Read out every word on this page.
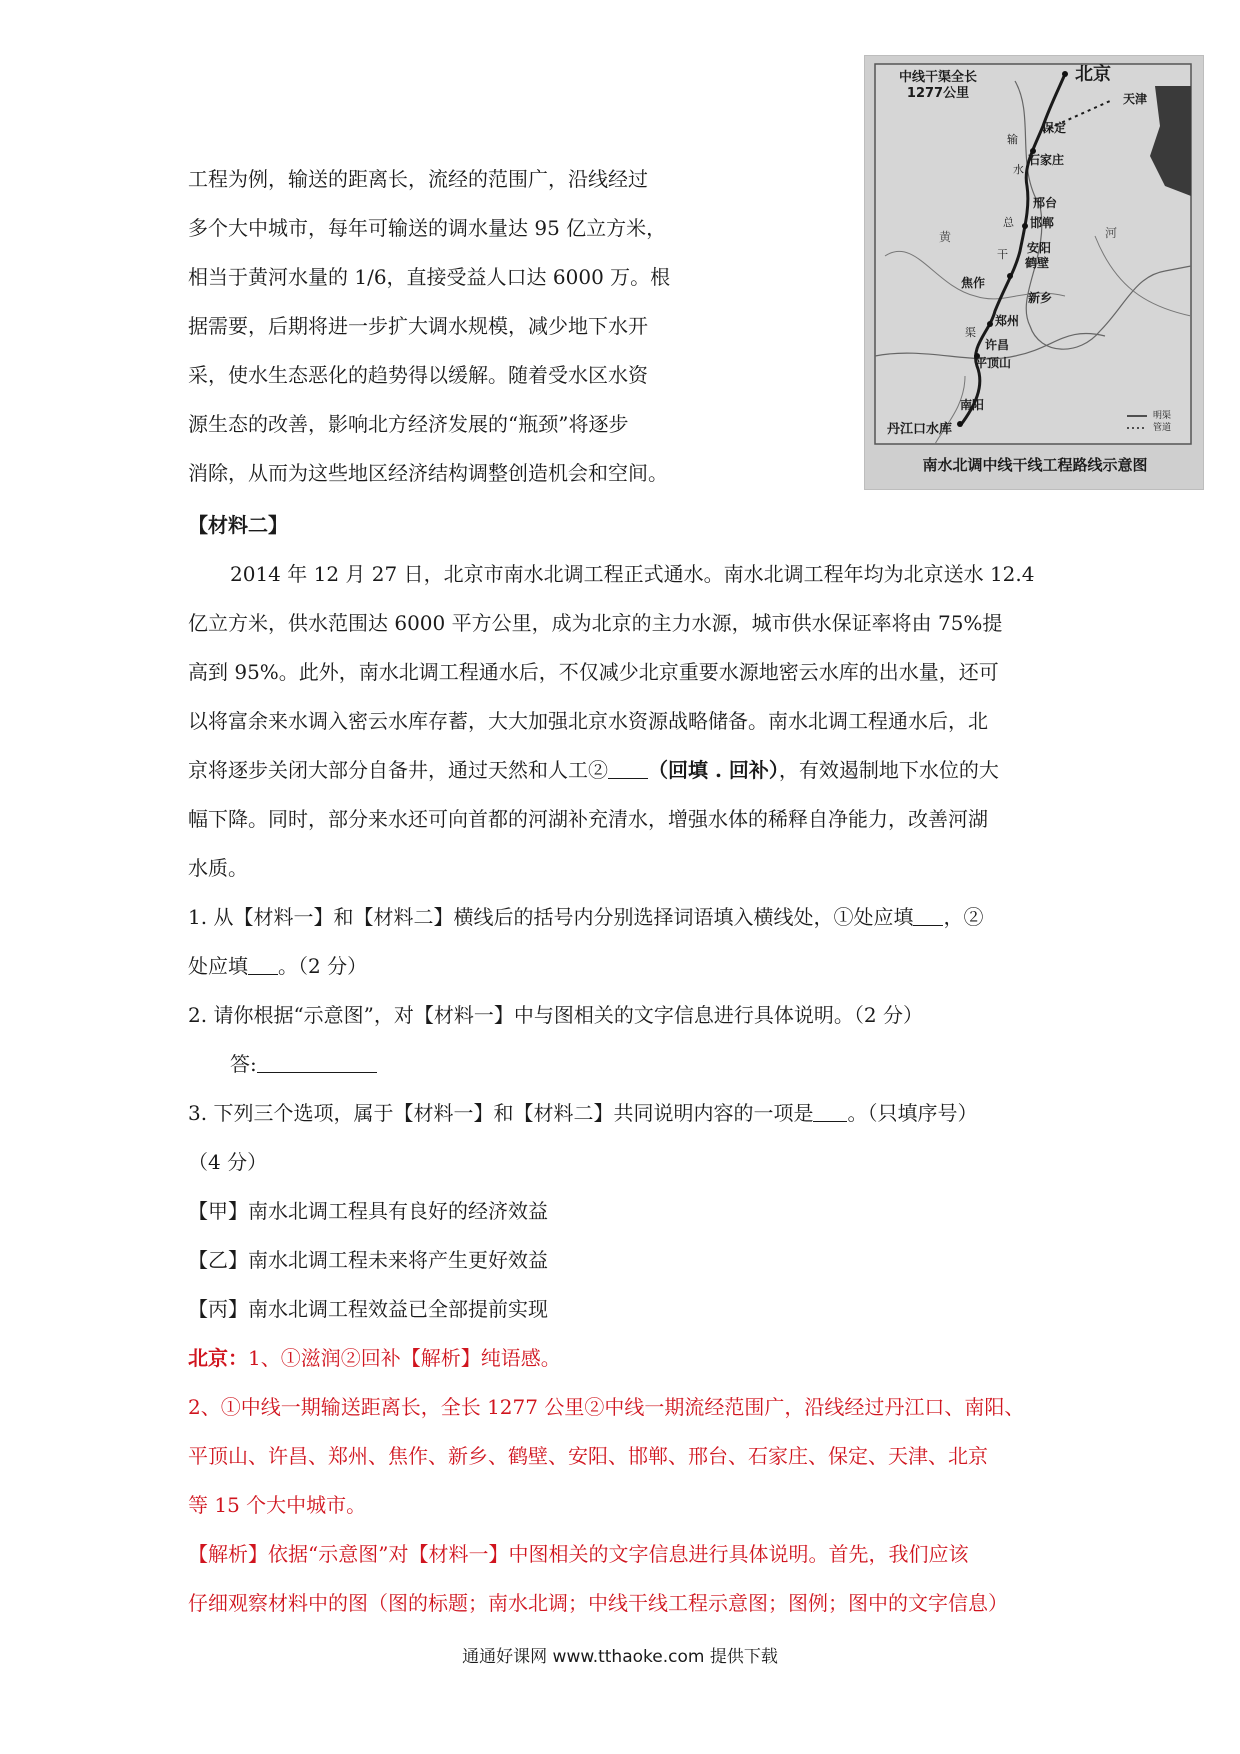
工程为例，输送的距离长，流经的范围广，沿线经过
多个大中城市，每年可输送的调水量达 95 亿立方米，
相当于黄河水量的 1/6，直接受益人口达 6000 万。根
据需要，后期将进一步扩大调水规模，减少地下水开
采，使水生态恶化的趋势得以缓解。随着受水区水资
源生态的改善，影响北方经济发展的“瓶颈”将逐步
消除，从而为这些地区经济结构调整创造机会和空间。
中线干渠全长
1277公里
北京
天津
保定
石家庄
邢台
邯郸
安阳
鹤壁
新乡
焦作
郑州
许昌
平顶山
南阳
丹江口水库
输
水
总
干
渠
黄	河
明渠
管道
南水北调中线干线工程路线示意图
【材料二】
2014 年 12 月 27 日，北京市南水北调工程正式通水。南水北调工程年均为北京送水 12.4
亿立方米，供水范围达 6000 平方公里，成为北京的主力水源，城市供水保证率将由 75%提
高到 95%。此外，南水北调工程通水后，不仅减少北京重要水源地密云水库的出水量，还可
以将富余来水调入密云水库存蓄，大大加强北京水资源战略储备。南水北调工程通水后，北
京将逐步关闭大部分自备井，通过天然和人工② （回填 . 回补），有效遏制地下水位的大
幅下降。同时，部分来水还可向首都的河湖补充清水，增强水体的稀释自净能力，改善河湖
水质。
1. 从【材料一】和【材料二】横线后的括号内分别选择词语填入横线处，①处应填 ，②
处应填 。（2 分）
2. 请你根据“示意图”，对【材料一】中与图相关的文字信息进行具体说明。（2 分）
答:
3. 下列三个选项，属于【材料一】和【材料二】共同说明内容的一项是 。（只填序号）
（4 分）
【甲】南水北调工程具有良好的经济效益
【乙】南水北调工程未来将产生更好效益
【丙】南水北调工程效益已全部提前实现
北京：1、①滋润②回补【解析】纯语感。
2、①中线一期输送距离长，全长 1277 公里②中线一期流经范围广，沿线经过丹江口、南阳、
平顶山、许昌、郑州、焦作、新乡、鹤壁、安阳、邯郸、邢台、石家庄、保定、天津、北京
等 15 个大中城市。
【解析】依据“示意图”对【材料一】中图相关的文字信息进行具体说明。首先，我们应该
仔细观察材料中的图（图的标题；南水北调；中线干线工程示意图；图例；图中的文字信息）
通通好课网 www.tthaoke.com 提供下载
